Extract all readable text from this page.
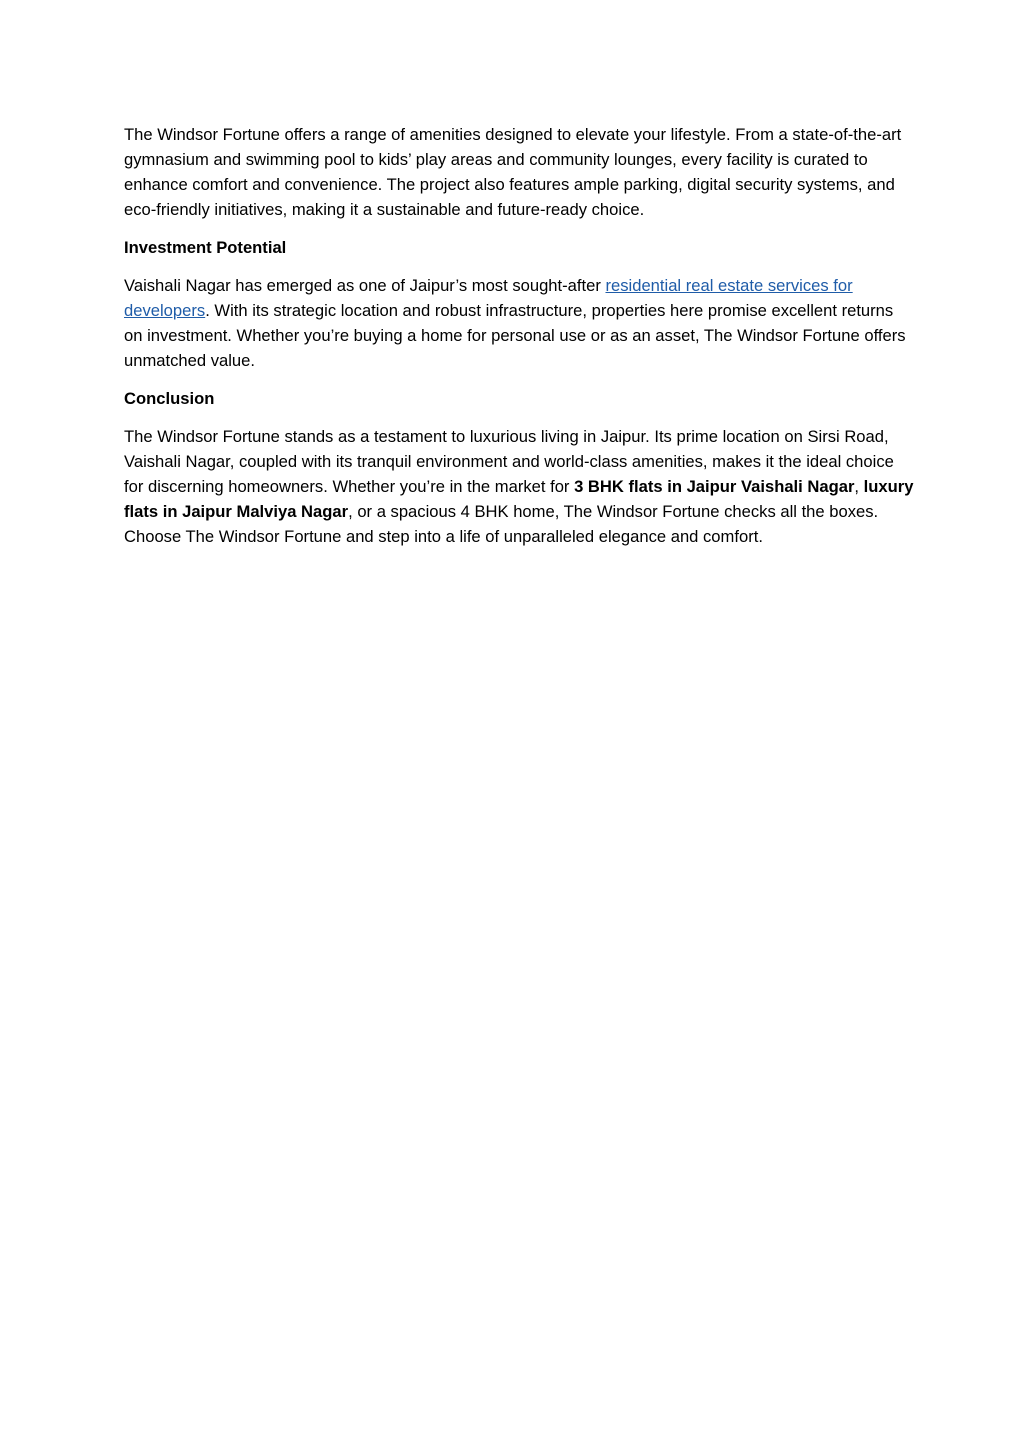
The Windsor Fortune offers a range of amenities designed to elevate your lifestyle. From a state-of-the-art gymnasium and swimming pool to kids’ play areas and community lounges, every facility is curated to enhance comfort and convenience. The project also features ample parking, digital security systems, and eco-friendly initiatives, making it a sustainable and future-ready choice.

Investment Potential

Vaishali Nagar has emerged as one of Jaipur’s most sought-after residential real estate services for developers. With its strategic location and robust infrastructure, properties here promise excellent returns on investment. Whether you’re buying a home for personal use or as an asset, The Windsor Fortune offers unmatched value.

Conclusion

The Windsor Fortune stands as a testament to luxurious living in Jaipur. Its prime location on Sirsi Road, Vaishali Nagar, coupled with its tranquil environment and world-class amenities, makes it the ideal choice for discerning homeowners. Whether you’re in the market for 3 BHK flats in Jaipur Vaishali Nagar, luxury flats in Jaipur Malviya Nagar, or a spacious 4 BHK home, The Windsor Fortune checks all the boxes. Choose The Windsor Fortune and step into a life of unparalleled elegance and comfort.
